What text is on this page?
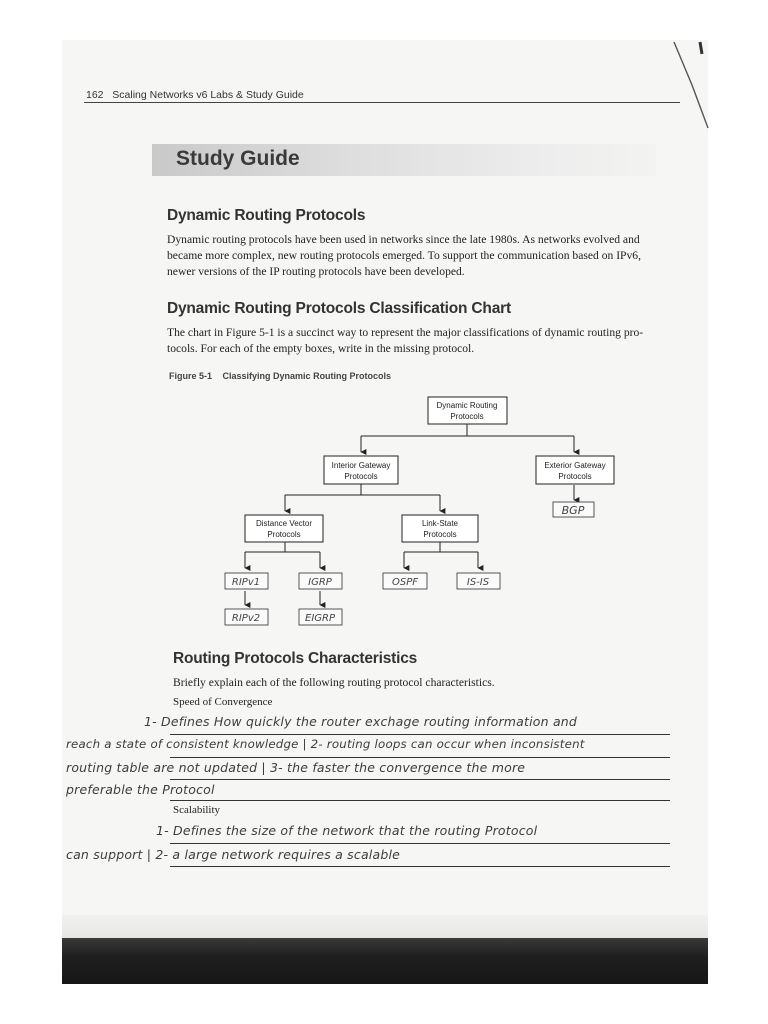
162 Scaling Networks v6 Labs & Study Guide
Study Guide
Dynamic Routing Protocols
Dynamic routing protocols have been used in networks since the late 1980s. As networks evolved and
became more complex, new routing protocols emerged. To support the communication based on IPv6,
newer versions of the IP routing protocols have been developed.
Dynamic Routing Protocols Classification Chart
The chart in Figure 5-1 is a succinct way to represent the major classifications of dynamic routing pro-
tocols. For each of the empty boxes, write in the missing protocol.
Figure 5-1 Classifying Dynamic Routing Protocols
Dynamic Routing
Protocols
Interior Gateway
Protocols
Exterior Gateway
Protocols
Distance Vector
Protocols
Link-State
Protocols
BGP
RIPv1	IGRP	OSPF	IS-IS
RIPv2	EIGRP
Routing Protocols Characteristics
Briefly explain each of the following routing protocol characteristics.
Speed of Convergence
1- Defines How quickly the router exchage routing information and
reach a state of consistent knowledge | 2- routing loops can occur when inconsistent
routing table are not updated | 3- the faster the convergence the more
preferable the Protocol
Scalability
1- Defines the size of the network that the routing Protocol
can support | 2- a large network requires a scalable
